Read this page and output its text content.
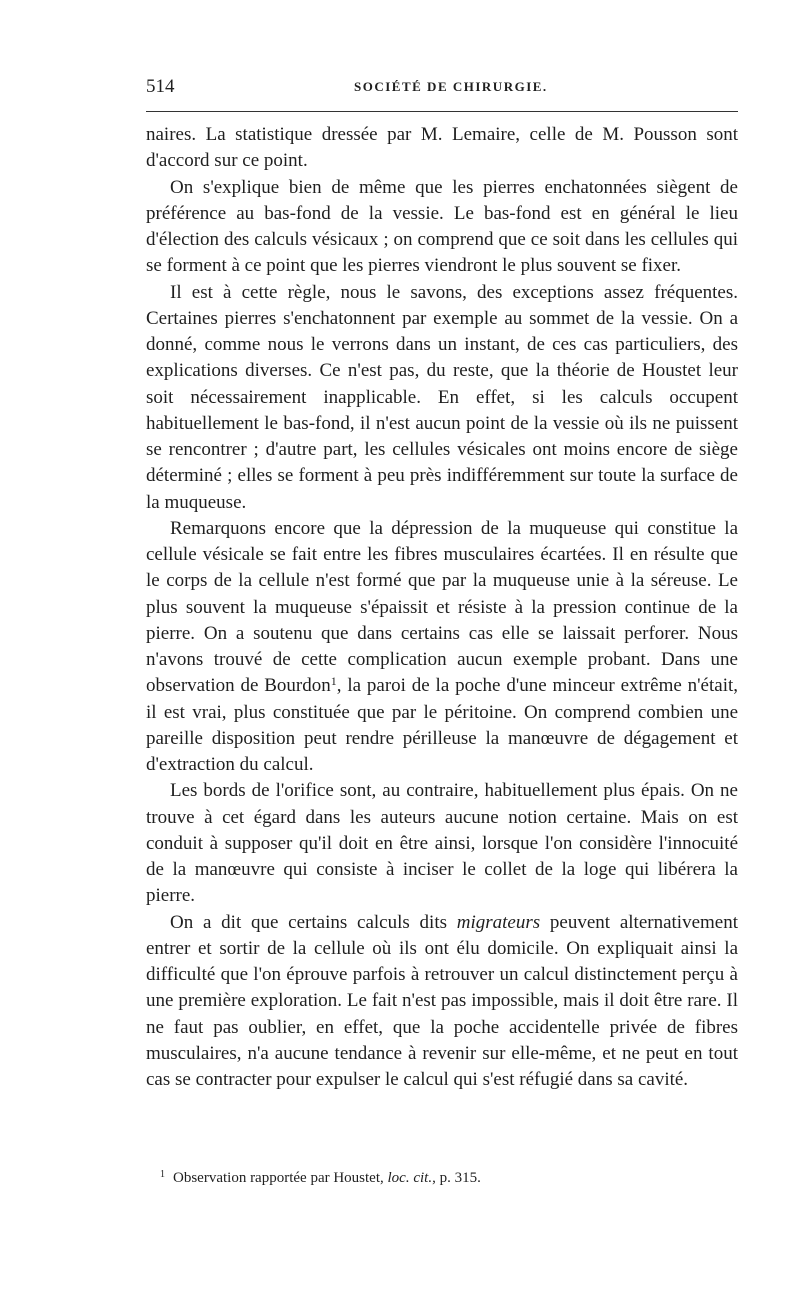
514	SOCIÉTÉ DE CHIRURGIE.

naires. La statistique dressée par M. Lemaire, celle de M. Pousson sont d'accord sur ce point.

On s'explique bien de même que les pierres enchatonnées siègent de préférence au bas-fond de la vessie. Le bas-fond est en général le lieu d'élection des calculs vésicaux ; on comprend que ce soit dans les cellules qui se forment à ce point que les pierres viendront le plus souvent se fixer.

Il est à cette règle, nous le savons, des exceptions assez fréquentes. Certaines pierres s'enchatonnent par exemple au sommet de la vessie. On a donné, comme nous le verrons dans un instant, de ces cas particuliers, des explications diverses. Ce n'est pas, du reste, que la théorie de Houstet leur soit nécessairement inapplicable. En effet, si les calculs occupent habituellement le bas-fond, il n'est aucun point de la vessie où ils ne puissent se rencontrer ; d'autre part, les cellules vésicales ont moins encore de siège déterminé ; elles se forment à peu près indifféremment sur toute la surface de la muqueuse.

Remarquons encore que la dépression de la muqueuse qui constitue la cellule vésicale se fait entre les fibres musculaires écartées. Il en résulte que le corps de la cellule n'est formé que par la muqueuse unie à la séreuse. Le plus souvent la muqueuse s'épaissit et résiste à la pression continue de la pierre. On a soutenu que dans certains cas elle se laissait perforer. Nous n'avons trouvé de cette complication aucun exemple probant. Dans une observation de Bourdon$^1$, la paroi de la poche d'une minceur extrême n'était, il est vrai, plus constituée que par le péritoine. On comprend combien une pareille disposition peut rendre périlleuse la manœuvre de dégagement et d'extraction du calcul.

Les bords de l'orifice sont, au contraire, habituellement plus épais. On ne trouve à cet égard dans les auteurs aucune notion certaine. Mais on est conduit à supposer qu'il doit en être ainsi, lorsque l'on considère l'innocuité de la manœuvre qui consiste à inciser le collet de la loge qui libérera la pierre.

On a dit que certains calculs dits migrateurs peuvent alternativement entrer et sortir de la cellule où ils ont élu domicile. On expliquait ainsi la difficulté que l'on éprouve parfois à retrouver un calcul distinctement perçu à une première exploration. Le fait n'est pas impossible, mais il doit être rare. Il ne faut pas oublier, en effet, que la poche accidentelle privée de fibres musculaires, n'a aucune tendance à revenir sur elle-même, et ne peut en tout cas se contracter pour expulser le calcul qui s'est réfugié dans sa cavité.

$^1$ Observation rapportée par Houstet, loc. cit., p. 315.
